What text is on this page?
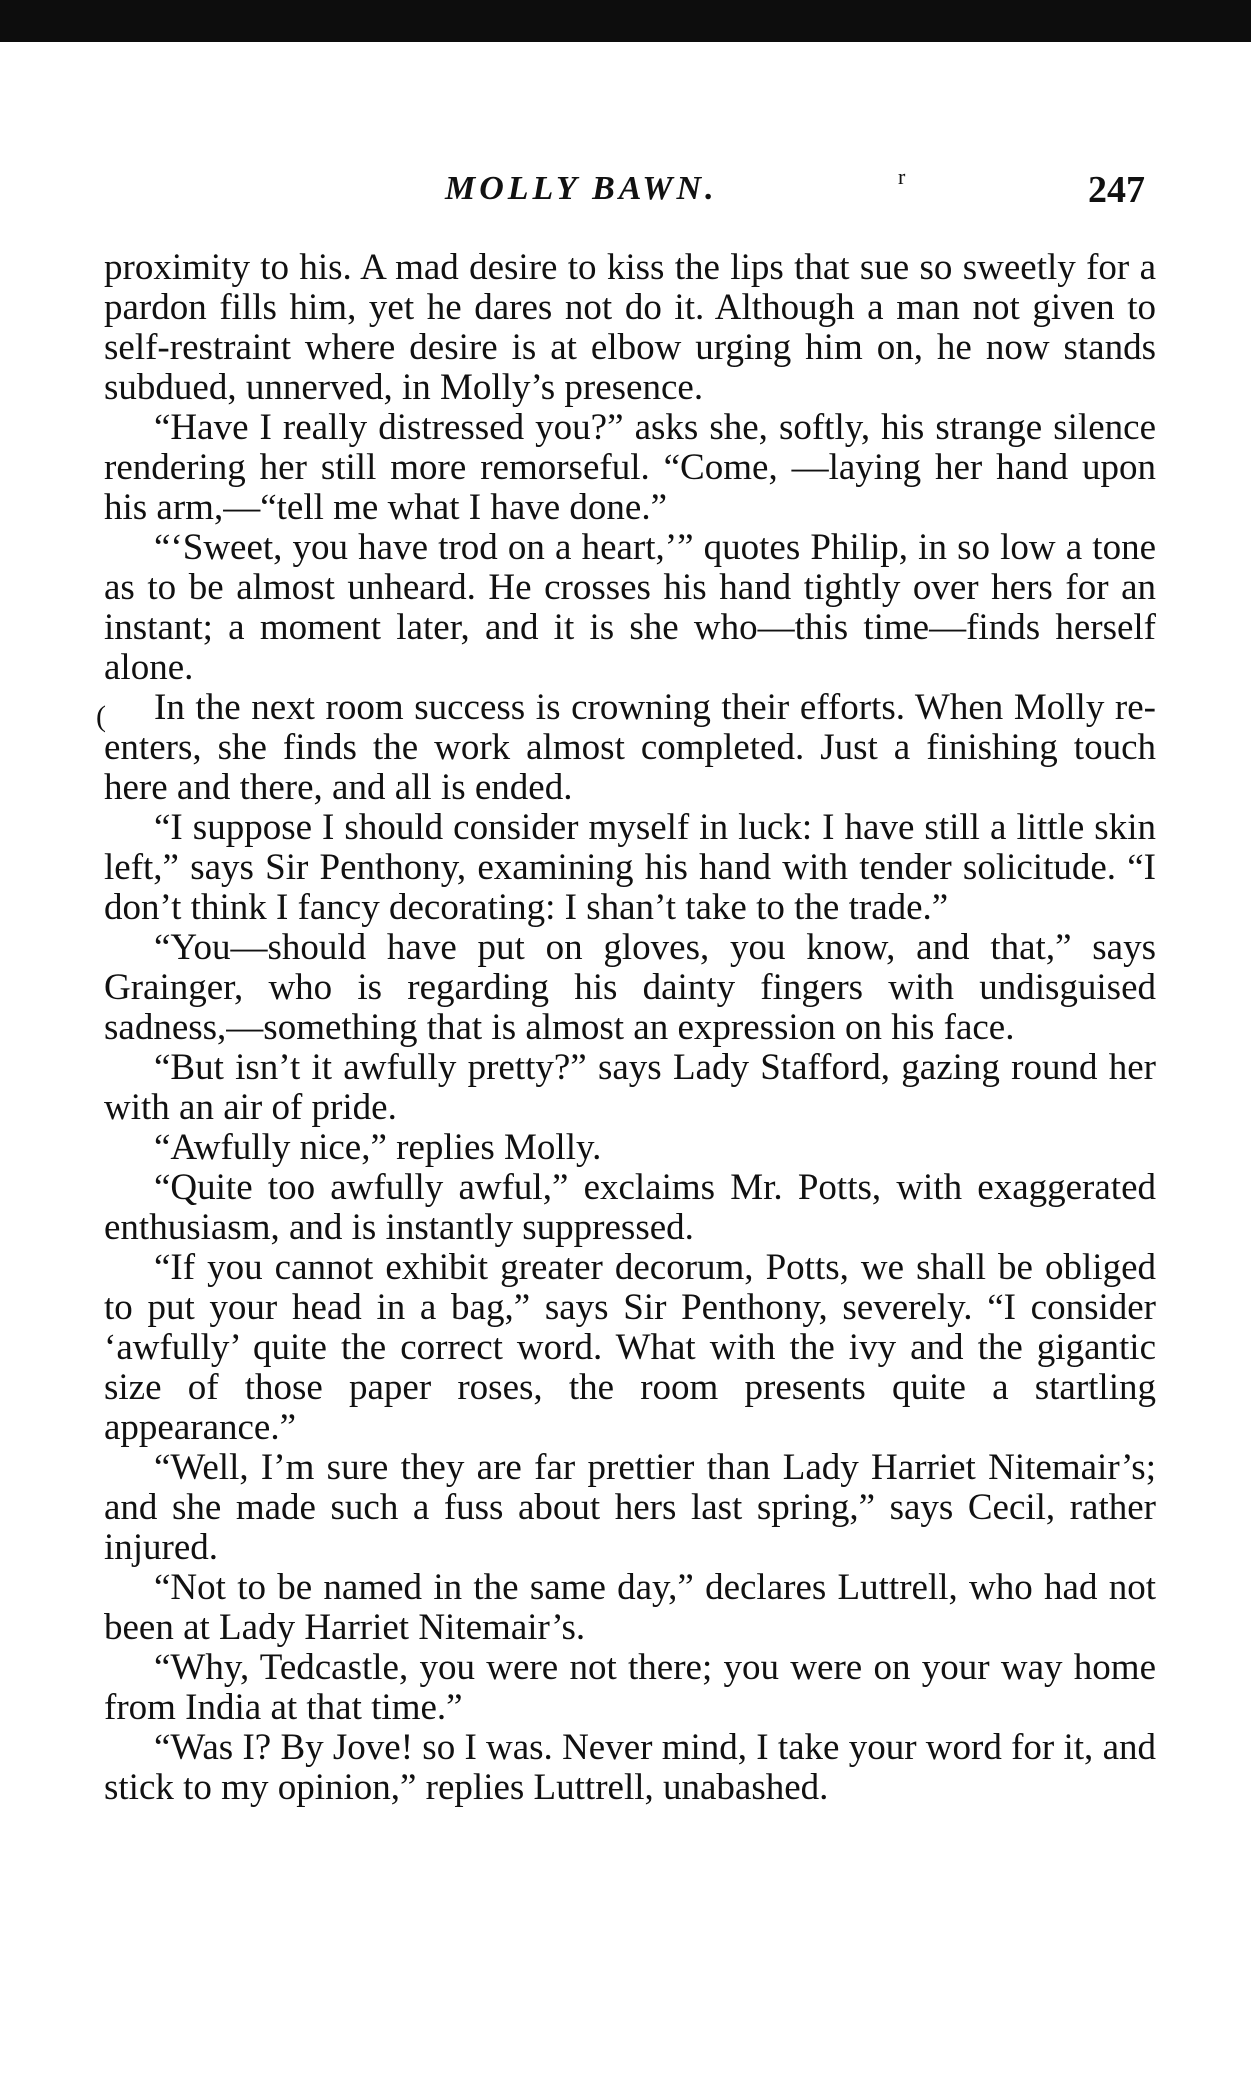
MOLLY BAWN.	r	247
(

proximity to his. A mad desire to kiss the lips that sue so sweetly for a pardon fills him, yet he dares not do it. Although a man not given to self-restraint where desire is at elbow urging him on, he now stands subdued, unnerved, in Molly’s presence.

“Have I really distressed you?” asks she, softly, his strange silence rendering her still more remorseful. “Come, —laying her hand upon his arm,—“tell me what I have done.”

“‘Sweet, you have trod on a heart,’” quotes Philip, in so low a tone as to be almost unheard. He crosses his hand tightly over hers for an instant; a moment later, and it is she who—this time—finds herself alone.

In the next room success is crowning their efforts. When Molly re-enters, she finds the work almost completed. Just a finishing touch here and there, and all is ended.

“I suppose I should consider myself in luck: I have still a little skin left,” says Sir Penthony, examining his hand with tender solicitude. “I don’t think I fancy decorating: I shan’t take to the trade.”

“You—should have put on gloves, you know, and that,” says Grainger, who is regarding his dainty fingers with undisguised sadness,—something that is almost an expression on his face.

“But isn’t it awfully pretty?” says Lady Stafford, gazing round her with an air of pride.

“Awfully nice,” replies Molly.

“Quite too awfully awful,” exclaims Mr. Potts, with exaggerated enthusiasm, and is instantly suppressed.

“If you cannot exhibit greater decorum, Potts, we shall be obliged to put your head in a bag,” says Sir Penthony, severely. “I consider ‘awfully’ quite the correct word. What with the ivy and the gigantic size of those paper roses, the room presents quite a startling appearance.”

“Well, I’m sure they are far prettier than Lady Harriet Nitemair’s; and she made such a fuss about hers last spring,” says Cecil, rather injured.

“Not to be named in the same day,” declares Luttrell, who had not been at Lady Harriet Nitemair’s.

“Why, Tedcastle, you were not there; you were on your way home from India at that time.”

“Was I? By Jove! so I was. Never mind, I take your word for it, and stick to my opinion,” replies Luttrell, unabashed.
